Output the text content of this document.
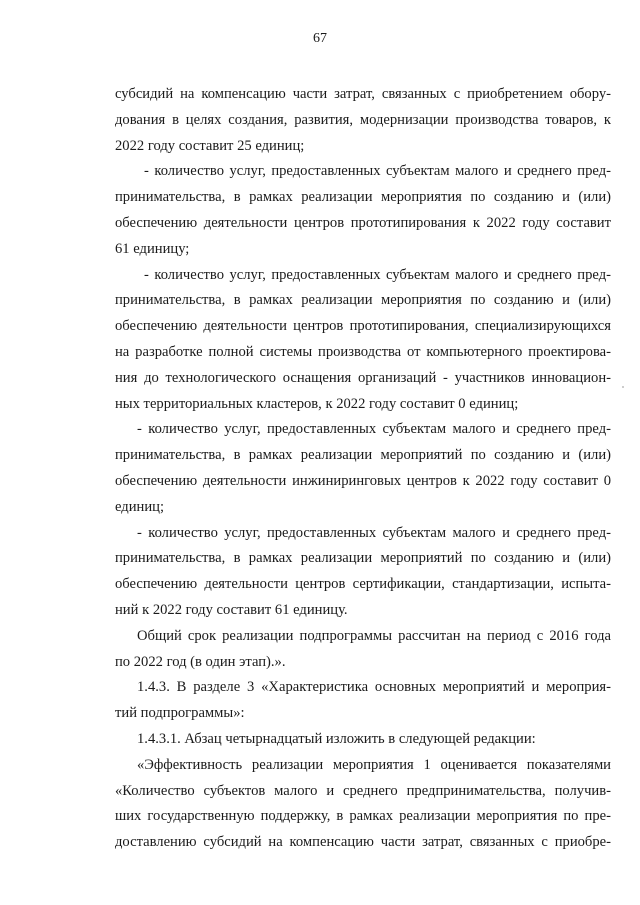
67
субсидий на компенсацию части затрат, связанных с приобретением обору-
дования в целях создания, развития, модернизации производства товаров, к
2022 году составит 25 единиц;
- количество услуг, предоставленных субъектам малого и среднего пред-
принимательства, в рамках реализации мероприятия по созданию и (или)
обеспечению деятельности центров прототипирования к 2022 году составит
61 единицу;
- количество услуг, предоставленных субъектам малого и среднего пред-
принимательства, в рамках реализации мероприятия по созданию и (или)
обеспечению деятельности центров прототипирования, специализирующихся
на разработке полной системы производства от компьютерного проектирова-
ния до технологического оснащения организаций - участников инновацион-
ных территориальных кластеров, к 2022 году составит 0 единиц;
- количество услуг, предоставленных субъектам малого и среднего пред-
принимательства, в рамках реализации мероприятий по созданию и (или)
обеспечению деятельности инжиниринговых центров к 2022 году составит 0
единиц;
- количество услуг, предоставленных субъектам малого и среднего пред-
принимательства, в рамках реализации мероприятий по созданию и (или)
обеспечению деятельности центров сертификации, стандартизации, испыта-
ний к 2022 году составит 61 единицу.
Общий срок реализации подпрограммы рассчитан на период с 2016 года
по 2022 год (в один этап).».
1.4.3. В разделе 3 «Характеристика основных мероприятий и мероприя-
тий подпрограммы»:
1.4.3.1. Абзац четырнадцатый изложить в следующей редакции:
«Эффективность реализации мероприятия 1 оценивается показателями
«Количество субъектов малого и среднего предпринимательства, получив-
ших государственную поддержку, в рамках реализации мероприятия по пре-
доставлению субсидий на компенсацию части затрат, связанных с приобре-
